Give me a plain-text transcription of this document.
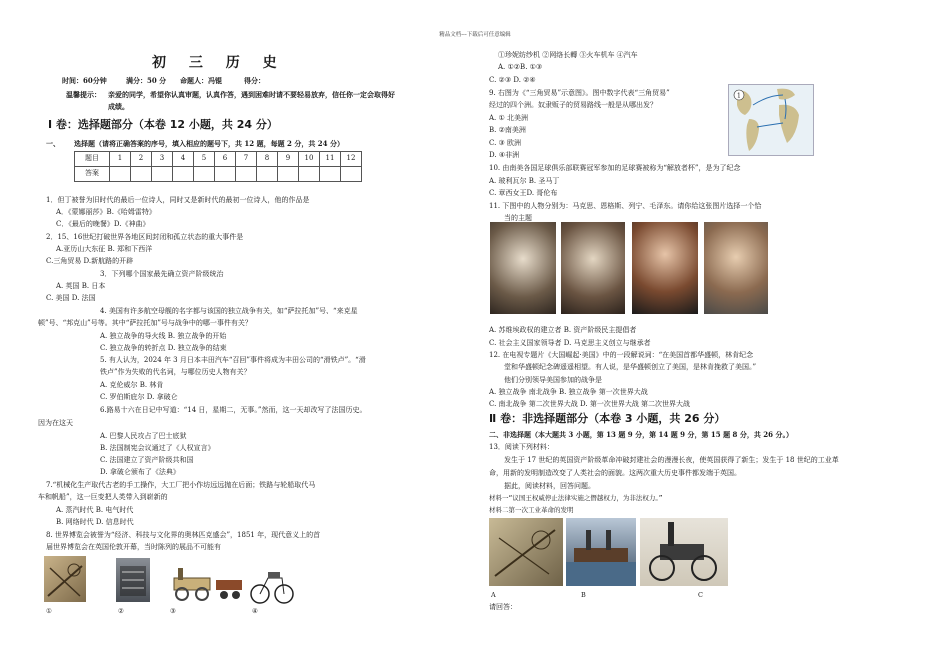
精品文档---下载后可任意编辑
初 三 历 史
时间：60分钟	满分：50 分 命题人：冯锟	得分：
温馨提示： 亲爱的同学，希望你认真审题，认真作答，遇到困难时请不要轻易放弃，信任你一定会取得好
成绩。
Ⅰ 卷：选择题部分（本卷 12 小题，共 24 分）
一、 选择题（请将正确答案的序号，填入相应的题号下，共 12 题，每题 2 分，共 24 分）
题目	1	2	3	4	5	6	7	8	9	10	11	12
答案												
1．但丁被誉为旧时代的最后一位诗人，同时又是新时代的最初一位诗人，他的作品是
A．《蒙娜丽莎》B.《哈姆雷特》
C．《最后的晚餐》D.《神曲》
2．15、16世纪打破世界各地区间封闭和孤立状态的重大事件是
A.亚历山大东征 B. 郑和下西洋
C.三角贸易 D.新航路的开辟
3．下列哪个国家最先确立资产阶级统治
A. 英国 B. 日本
C. 美国 D. 法国
4. 美国有许多航空母舰的名字都与该国的独立战争有关，如“萨拉托加”号、“来克星
顿”号、“邦克山”号等。其中“萨拉托加”号与战争中的哪一事件有关？
A. 独立战争的导火线 B. 独立战争的开始
C. 独立战争的转折点 D. 独立战争的结束
5. 有人认为，2024 年 3 月日本丰田汽车“召回”事件将成为丰田公司的“滑铁卢”。“滑
铁卢”作为失败的代名词，与哪位历史人物有关？
A. 克伦威尔 B. 林肯
C. 罗伯斯庇尔 D. 拿破仑
6.路易十六在日记中写道：“14 日，星期二，无事。”然而，这一天却改写了法国历史。
因为在这天
A. 巴黎人民攻占了巴士底狱
B. 法国制宪会议通过了《人权宣言》
C. 法国建立了资产阶级共和国
D. 拿破仑颁布了《法典》
7.“机械化生产取代古老的手工操作，大工厂把小作坊远远抛在后面；铁路与轮船取代马
车和帆船”，这一巨变把人类带入到崭新的
A. 蒸汽时代 B. 电气时代
B. 网络时代 D. 信息时代
8. 世界博览会被誉为“经济、科技与文化界的奥林匹克盛会”，1851 年，现代意义上的首
届世界博览会在英国伦敦开幕，当时陈列的展品不可能有
①	②	③	④
①珍妮纺纱机 ②网络长轉 ③火车机车 ④汽车
A. ①②B. ①③
C. ②③ D. ②④
9. 右图为《“三角贸易”示意图》。图中数字代表“三角贸易”
经过的四个洲。奴隶贩子的贸易路线一般是从哪出发？
A. ① 北美洲
B. ②南美洲
C. ③ 欧洲
D. ④非洲
10. 由南美各国足球俱乐部联赛冠军参加的足球赛被称为“解放者杯”，是为了纪念
A. 玻利瓦尔 B. 圣马丁
C. 章西女王D. 哥伦布
11. 下图中的人物分别为：马克思、恩格斯、列宁、毛泽东。请你给这张图片选择一个恰
当的主题
A. 苏维埃政权的建立者 B. 资产阶级民主提倡者
C. 社会主义国家领导者 D. 马克思主义创立与继承者
12. 在电视专题片《大国崛起·美国》中的一段解说词：“在美国首都华盛顿，林肯纪念
堂和华盛顿纪念碑遥遥相望。有人说，是华盛顿创立了美国，是林肯挽救了美国。”
他们分别领导美国参加的战争是
A. 独立战争 南北战争 B. 独立战争 第一次世界大战
C. 南北战争 第二次世界大战 D. 第一次世界大战 第二次世界大战
1
Ⅱ 卷：非选择题部分（本卷 3 小题，共 26 分）
二、非选择题（本大题共 3 小题，第 13 题 9 分，第 14 题 9 分，第 15 题 8 分，共 26 分。）
13．阅读下列材料：
发生于 17 世纪的英国资产阶级革命冲破封建社会的漫漫长夜，使英国获得了新生；发生于 18 世纪的工业革
命，用新的发明制造改变了人类社会的面貌。这两次重大历史事件都发端于英国。
据此，阅读材料，回答问题。
材料一“议国王权威停止法律实施之僭越权力，为非法权力。”
材料二第一次工业革命的发明
A	B	C
请回答：
